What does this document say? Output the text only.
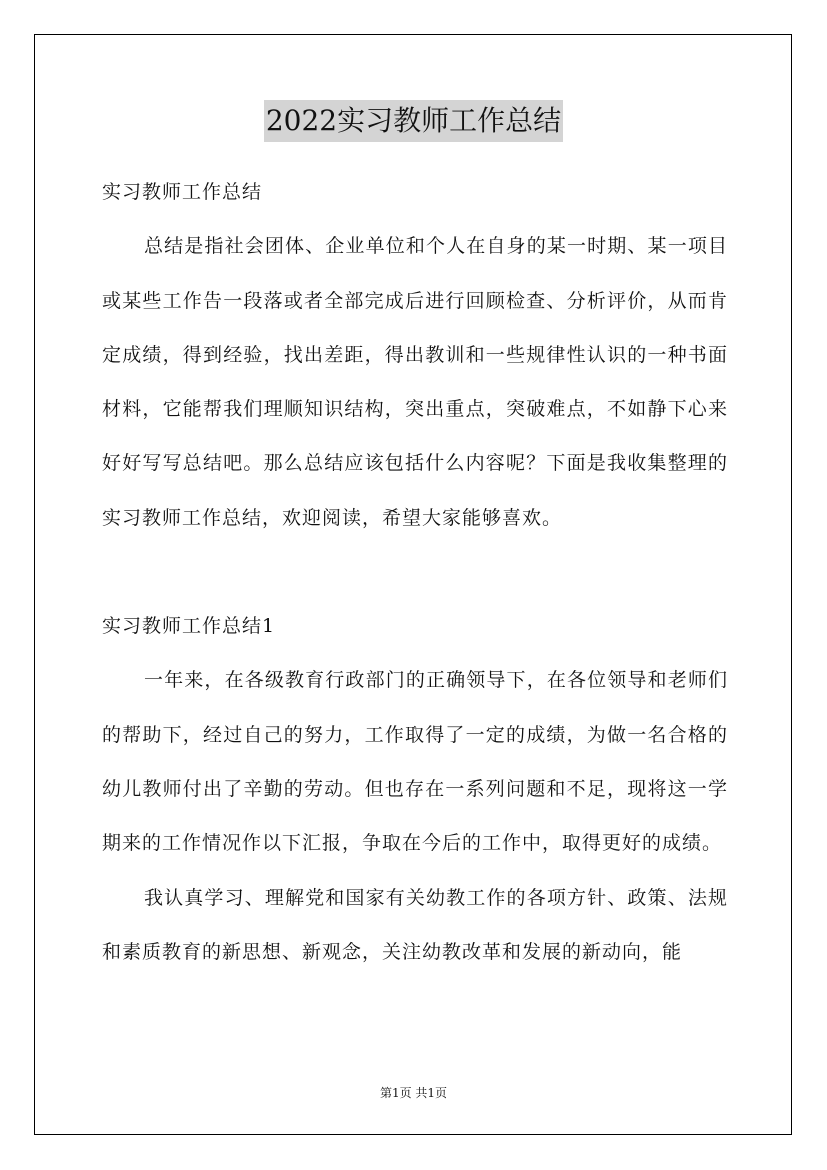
2022实习教师工作总结

实习教师工作总结

总结是指社会团体、企业单位和个人在自身的某一时期、某一项目或某些工作告一段落或者全部完成后进行回顾检查、分析评价，从而肯定成绩，得到经验，找出差距，得出教训和一些规律性认识的一种书面材料，它能帮我们理顺知识结构，突出重点，突破难点，不如静下心来好好写写总结吧。那么总结应该包括什么内容呢？下面是我收集整理的实习教师工作总结，欢迎阅读，希望大家能够喜欢。

实习教师工作总结1

一年来，在各级教育行政部门的正确领导下，在各位领导和老师们的帮助下，经过自己的努力，工作取得了一定的成绩，为做一名合格的幼儿教师付出了辛勤的劳动。但也存在一系列问题和不足，现将这一学期来的工作情况作以下汇报，争取在今后的工作中，取得更好的成绩。

我认真学习、理解党和国家有关幼教工作的各项方针、政策、法规和素质教育的新思想、新观念，关注幼教改革和发展的新动向，能

第1页 共1页
